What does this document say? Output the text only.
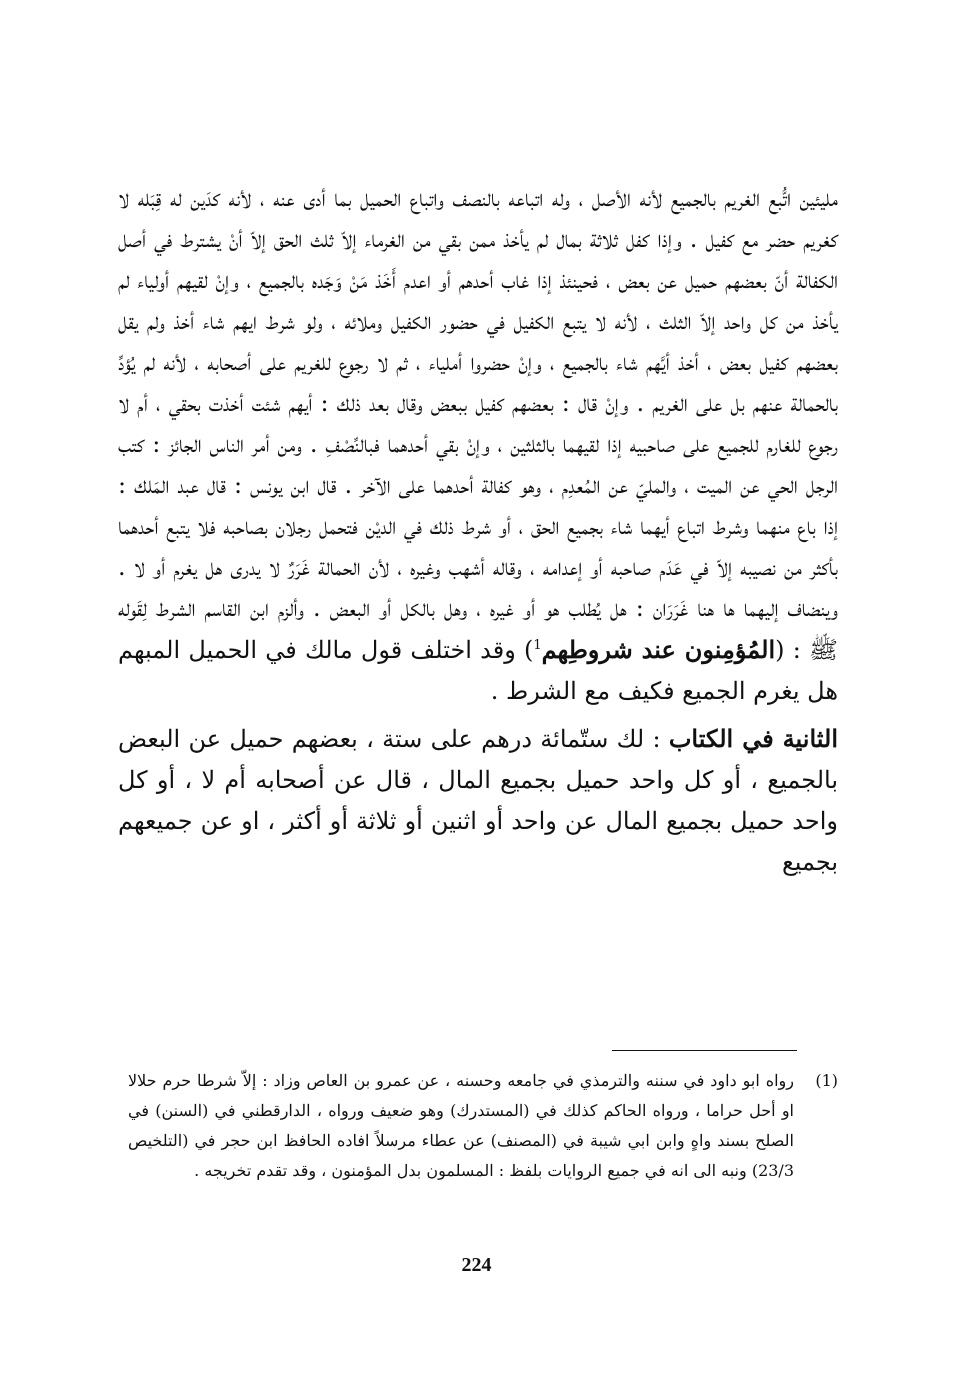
مليئين اتُّبع الغريم بالجميع لأنه الأصل ، وله اتباعه بالنصف واتباع الحميل بما أدى عنه ، لأنه كدَين له قِبَله لا كغريم حضر مع كفيل . وإذا كفل ثلاثة بمال لم يأخذ ممن بقي من الغرماء إلاّ ثلث الحق إلاّ أنْ يشترط في أصل الكفالة أنّ بعضهم حميل عن بعض ، فحينئذ إذا غاب أحدهم أو اعدم أَخَذ مَنْ وَجَده بالجميع ، وإنْ لقيهم أولياء لم يأخذ من كل واحد إلاّ الثلث ، لأنه لا يتبع الكفيل في حضور الكفيل وملائه ، ولو شرط ايهم شاء أخذ ولم يقل بعضهم كفيل بعض ، أخذ أيَّهم شاء بالجميع ، وإنْ حضروا أملياء ، ثم لا رجوع للغريم على أصحابه ، لأنه لم يُؤدِّ بالحمالة عنهم بل على الغريم . وإنْ قال : بعضهم كفيل ببعض وقال بعد ذلك : أيهم شئت أخذت بحقي ، أم لا رجوع للغارم للجميع على صاحبيه إذا لقيهما بالثلثين ، وإنْ بقي أحدهما فبالنِّصْفِ . ومن أمر الناس الجائز : كتب الرجل الحي عن الميت ، والمليّ عن المُعدِم ، وهو كفالة أحدهما على الآخر . قال ابن يونس : قال عبد المَلك : إذا باع منهما وشرط اتباع أيهما شاء بجميع الحق ، أو شرط ذلك في الديْن فتحمل رجلان بصاحبه فلا يتبع أحدهما بأكثر من نصيبه إلاّ في عَدَم صاحبه أو إعدامه ، وقاله أشهب وغيره ، لأن الحمالة غَرَرٌ لا يدرى هل يغرم أو لا . وينضاف إليهما ها هنا غَرَرَان : هل يُطلب هو أو غيره ، وهل بالكل أو البعض . وألزم ابن القاسم الشرط لِقَوله ﷺ : (المُؤمِنون عند شروطِهم$^1$) وقد اختلف قول مالك في الحميل المبهم هل يغرم الجميع فكيف مع الشرط .

الثانية في الكتاب : لك ستّمائة درهم على ستة ، بعضهم حميل عن البعض بالجميع ، أو كل واحد حميل بجميع المال ، قال عن أصحابه أم لا ، أو كل واحد حميل بجميع المال عن واحد أو اثنين أو ثلاثة أو أكثر ، او عن جميعهم بجميع

(1)
رواه ابو داود في سننه والترمذي في جامعه وحسنه ، عن عمرو بن العاص وزاد : إلاّ شرطا حرم حلالا او أحل حراما ، ورواه الحاكم كذلك في (المستدرك) وهو ضعيف ورواه ، الدارقطني في (السنن) في الصلح بسند واهٍ وابن ابي شيبة في (المصنف) عن عطاء مرسلاً افاده الحافظ ابن حجر في (التلخيص 23/3) ونبه الى انه في جميع الروايات بلفظ : المسلمون بدل المؤمنون ، وقد تقدم تخريجه .
224
